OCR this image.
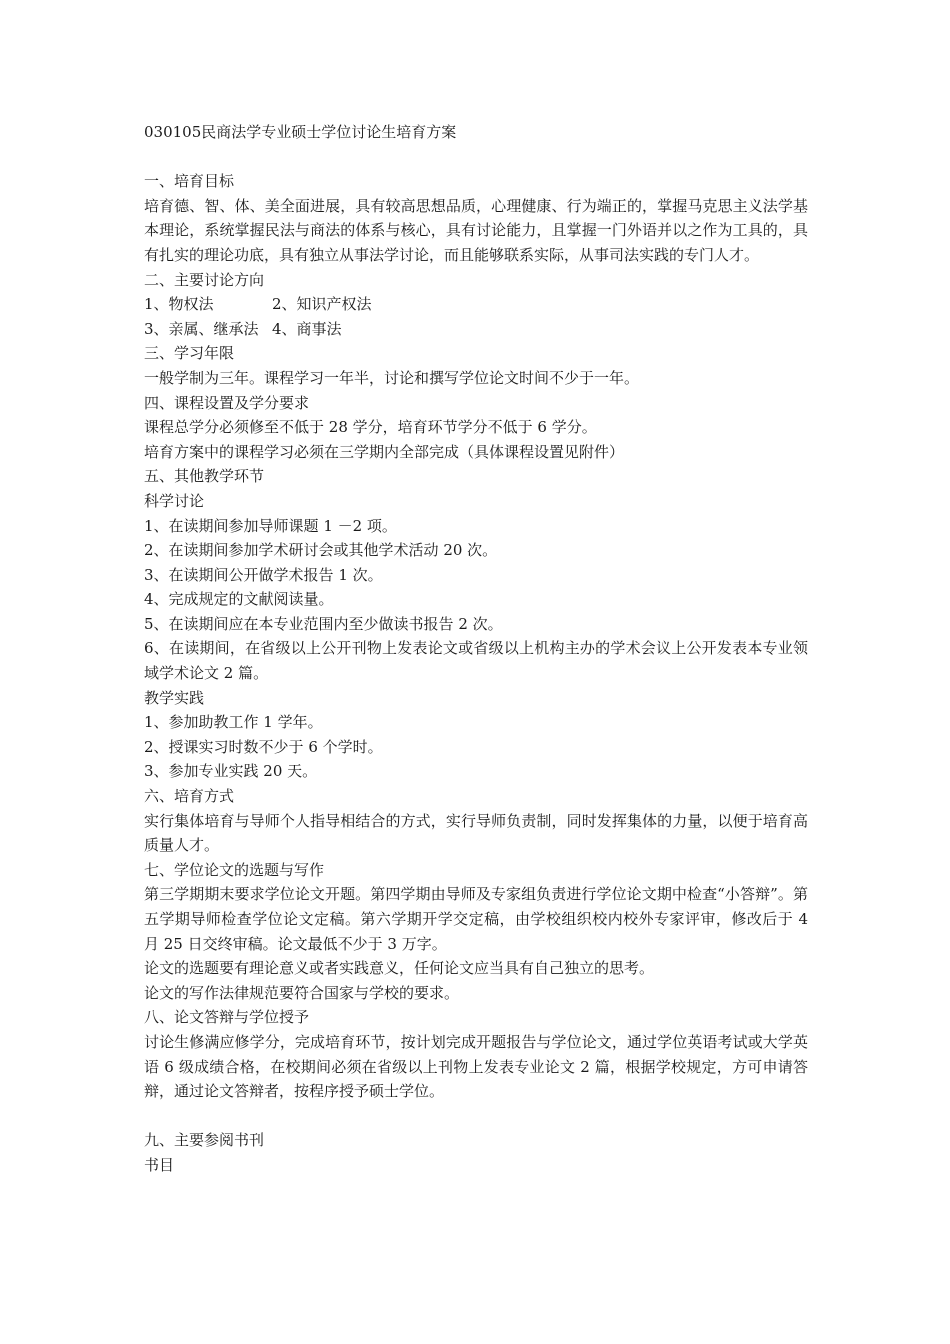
030105民商法学专业硕士学位讨论生培育方案
一、培育目标
培育德、智、体、美全面进展，具有较高思想品质，心理健康、行为端正的，掌握马克思主义法学基本理论，系统掌握民法与商法的体系与核心，具有讨论能力，且掌握一门外语并以之作为工具的，具有扎实的理论功底，具有独立从事法学讨论，而且能够联系实际，从事司法实践的专门人才。
二、主要讨论方向
1、物权法	2、知识产权法
3、亲属、继承法 4、商事法
三、学习年限
一般学制为三年。课程学习一年半，讨论和撰写学位论文时间不少于一年。
四、课程设置及学分要求
课程总学分必须修至不低于 28 学分，培育环节学分不低于 6 学分。
培育方案中的课程学习必须在三学期内全部完成（具体课程设置见附件）
五、其他教学环节
科学讨论
1、在读期间参加导师课题 1 －2 项。
2、在读期间参加学术研讨会或其他学术活动 20 次。
3、在读期间公开做学术报告 1 次。
4、完成规定的文献阅读量。
5、在读期间应在本专业范围内至少做读书报告 2 次。
6、在读期间，在省级以上公开刊物上发表论文或省级以上机构主办的学术会议上公开发表本专业领域学术论文 2 篇。
教学实践
1、参加助教工作 1 学年。
2、授课实习时数不少于 6 个学时。
3、参加专业实践 20 天。
六、培育方式
实行集体培育与导师个人指导相结合的方式，实行导师负责制，同时发挥集体的力量，以便于培育高质量人才。
七、学位论文的选题与写作
第三学期期末要求学位论文开题。第四学期由导师及专家组负责进行学位论文期中检查“小答辩”。第五学期导师检查学位论文定稿。第六学期开学交定稿，由学校组织校内校外专家评审，修改后于 4 月 25 日交终审稿。论文最低不少于 3 万字。
论文的选题要有理论意义或者实践意义，任何论文应当具有自己独立的思考。
论文的写作法律规范要符合国家与学校的要求。
八、论文答辩与学位授予
讨论生修满应修学分，完成培育环节，按计划完成开题报告与学位论文，通过学位英语考试或大学英语 6 级成绩合格，在校期间必须在省级以上刊物上发表专业论文 2 篇，根据学校规定，方可申请答辩，通过论文答辩者，按程序授予硕士学位。
九、主要参阅书刊
书目
